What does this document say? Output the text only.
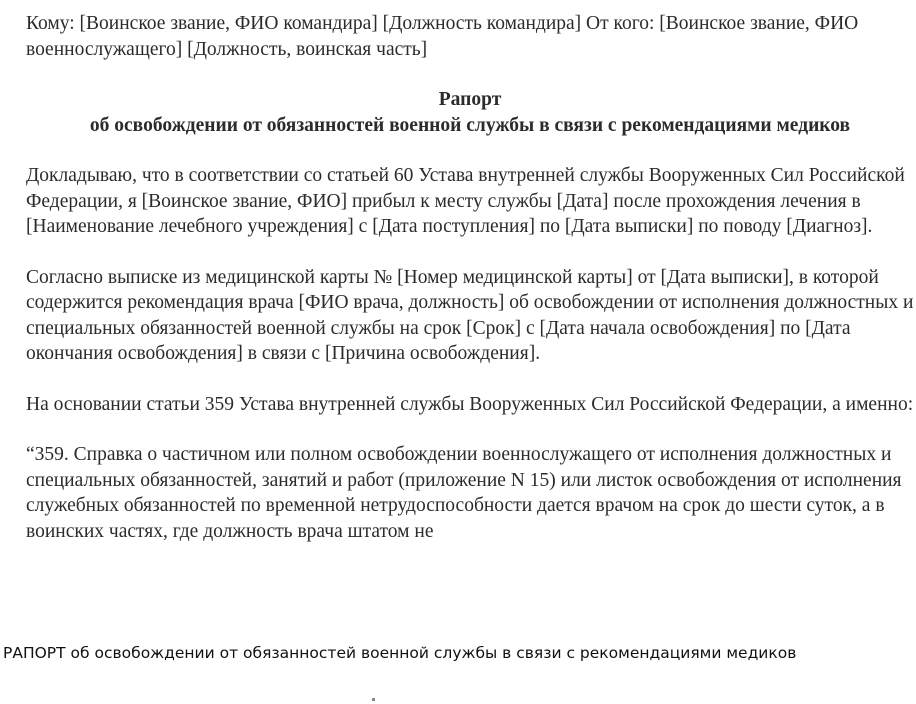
Кому: [Воинское звание, ФИО командира] [Должность командира] От кого: [Воинское звание, ФИО военнослужащего] [Должность, воинская часть]

Рапорт

об освобождении от обязанностей военной службы в связи с рекомендациями медиков

Докладываю, что в соответствии со статьей 60 Устава внутренней службы Вооруженных Сил Российской Федерации, я [Воинское звание, ФИО] прибыл к месту службы [Дата] после прохождения лечения в [Наименование лечебного учреждения] с [Дата поступления] по [Дата выписки] по поводу [Диагноз].

Согласно выписке из медицинской карты № [Номер медицинской карты] от [Дата выписки], в которой содержится рекомендация врача [ФИО врача, должность] об освобождении от исполнения должностных и специальных обязанностей военной службы на срок [Срок] с [Дата начала освобождения] по [Дата окончания освобождения] в связи с [Причина освобождения].

На основании статьи 359 Устава внутренней службы Вооруженных Сил Российской Федерации, а именно:

“359. Справка о частичном или полном освобождении военнослужащего от исполнения должностных и специальных обязанностей, занятий и работ (приложение N 15) или листок освобождения от исполнения служебных обязанностей по временной нетрудоспособности дается врачом на срок до шести суток, а в воинских частях, где должность врача штатом не

РАПОРТ об освобождении от обязанностей военной службы в связи с рекомендациями медиков
